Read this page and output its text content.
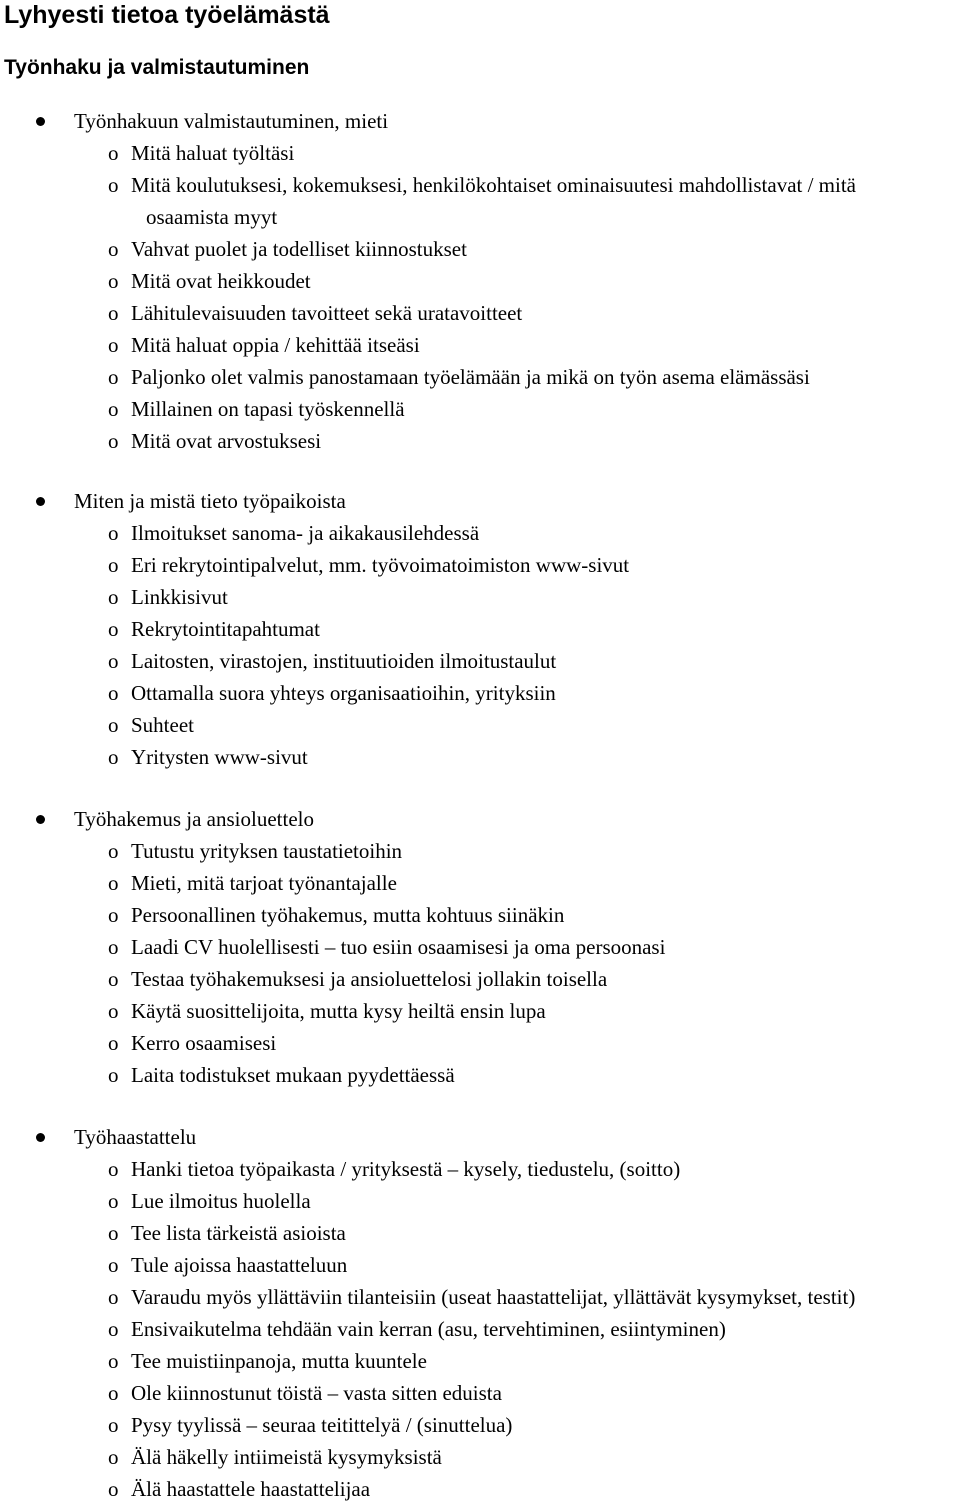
Lyhyesti tietoa työelämästä
Työnhaku ja valmistautuminen
Työnhakuun valmistautuminen, mieti
o Mitä haluat työltäsi
o Mitä koulutuksesi, kokemuksesi, henkilökohtaiset ominaisuutesi mahdollistavat / mitä
osaamista myyt
o Vahvat puolet ja todelliset kiinnostukset
o Mitä ovat heikkoudet
o Lähitulevaisuuden tavoitteet sekä uratavoitteet
o Mitä haluat oppia / kehittää itseäsi
o Paljonko olet valmis panostamaan työelämään ja mikä on työn asema elämässäsi
o Millainen on tapasi työskennellä
o Mitä ovat arvostuksesi
Miten ja mistä tieto työpaikoista
o Ilmoitukset sanoma- ja aikakausilehdessä
o Eri rekrytointipalvelut, mm. työvoimatoimiston www-sivut
o Linkkisivut
o Rekrytointitapahtumat
o Laitosten, virastojen, instituutioiden ilmoitustaulut
o Ottamalla suora yhteys organisaatioihin, yrityksiin
o Suhteet
o Yritysten www-sivut
Työhakemus ja ansioluettelo
o Tutustu yrityksen taustatietoihin
o Mieti, mitä tarjoat työnantajalle
o Persoonallinen työhakemus, mutta kohtuus siinäkin
o Laadi CV huolellisesti – tuo esiin osaamisesi ja oma persoonasi
o Testaa työhakemuksesi ja ansioluettelosi jollakin toisella
o Käytä suosittelijoita, mutta kysy heiltä ensin lupa
o Kerro osaamisesi
o Laita todistukset mukaan pyydettäessä
Työhaastattelu
o Hanki tietoa työpaikasta / yrityksestä – kysely, tiedustelu, (soitto)
o Lue ilmoitus huolella
o Tee lista tärkeistä asioista
o Tule ajoissa haastatteluun
o Varaudu myös yllättäviin tilanteisiin (useat haastattelijat, yllättävät kysymykset, testit)
o Ensivaikutelma tehdään vain kerran (asu, tervehtiminen, esiintyminen)
o Tee muistiinpanoja, mutta kuuntele
o Ole kiinnostunut töistä – vasta sitten eduista
o Pysy tyylissä – seuraa teitittelyä / (sinuttelua)
o Älä häkelly intiimeistä kysymyksistä
o Älä haastattele haastattelijaa
